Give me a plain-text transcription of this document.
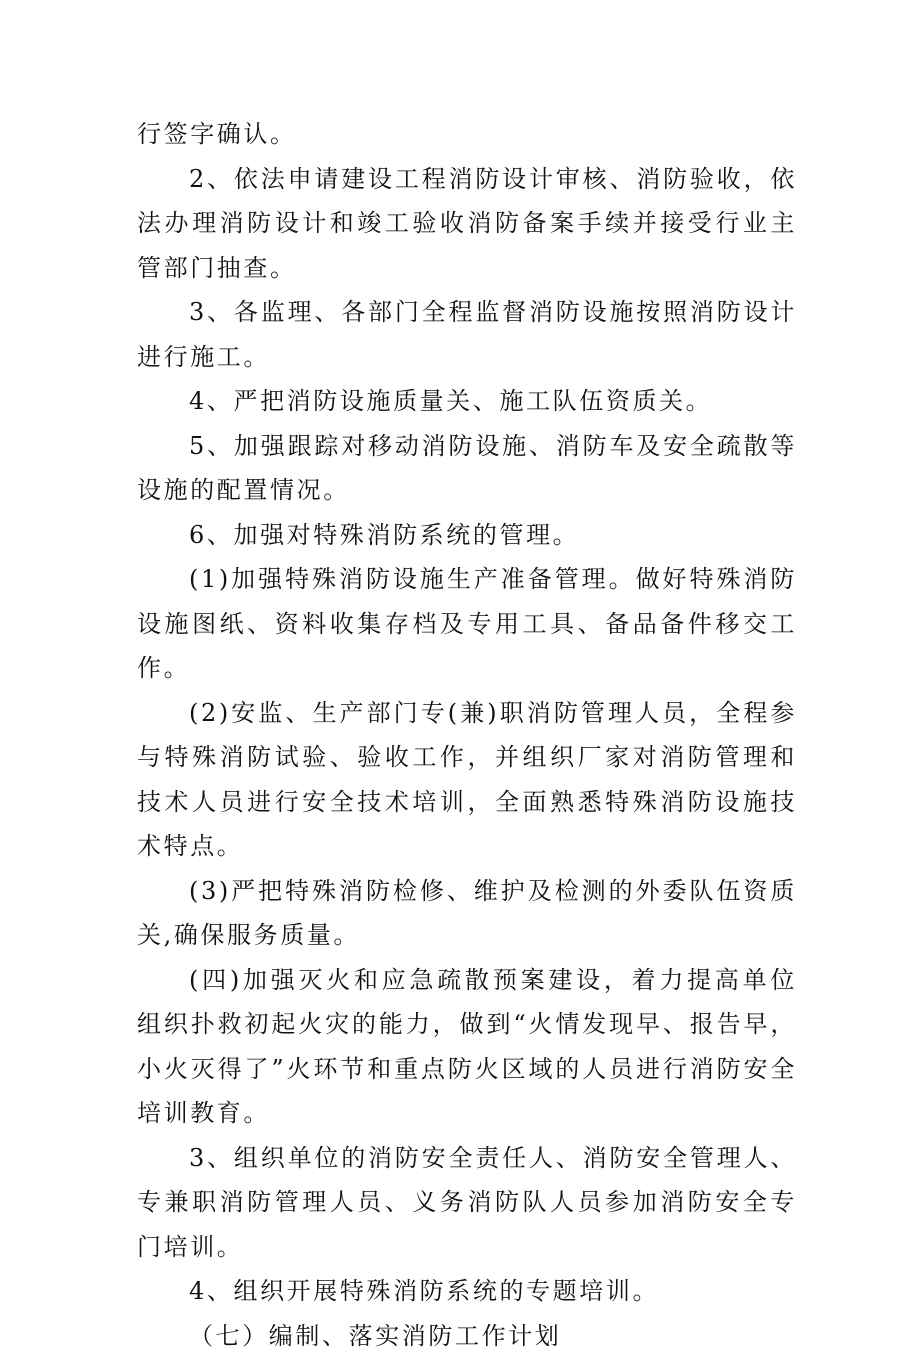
行签字确认。

2、依法申请建设工程消防设计审核、消防验收，依法办理消防设计和竣工验收消防备案手续并接受行业主管部门抽查。

3、各监理、各部门全程监督消防设施按照消防设计进行施工。

4、严把消防设施质量关、施工队伍资质关。

5、加强跟踪对移动消防设施、消防车及安全疏散等设施的配置情况。

6、加强对特殊消防系统的管理。

(1)加强特殊消防设施生产准备管理。做好特殊消防设施图纸、资料收集存档及专用工具、备品备件移交工作。

(2)安监、生产部门专(兼)职消防管理人员，全程参与特殊消防试验、验收工作，并组织厂家对消防管理和技术人员进行安全技术培训，全面熟悉特殊消防设施技术特点。

(3)严把特殊消防检修、维护及检测的外委队伍资质关,确保服务质量。

(四)加强灭火和应急疏散预案建设，着力提高单位组织扑救初起火灾的能力，做到“火情发现早、报告早，小火灭得了”火环节和重点防火区域的人员进行消防安全培训教育。

3、组织单位的消防安全责任人、消防安全管理人、专兼职消防管理人员、义务消防队人员参加消防安全专门培训。

4、组织开展特殊消防系统的专题培训。

（七）编制、落实消防工作计划
